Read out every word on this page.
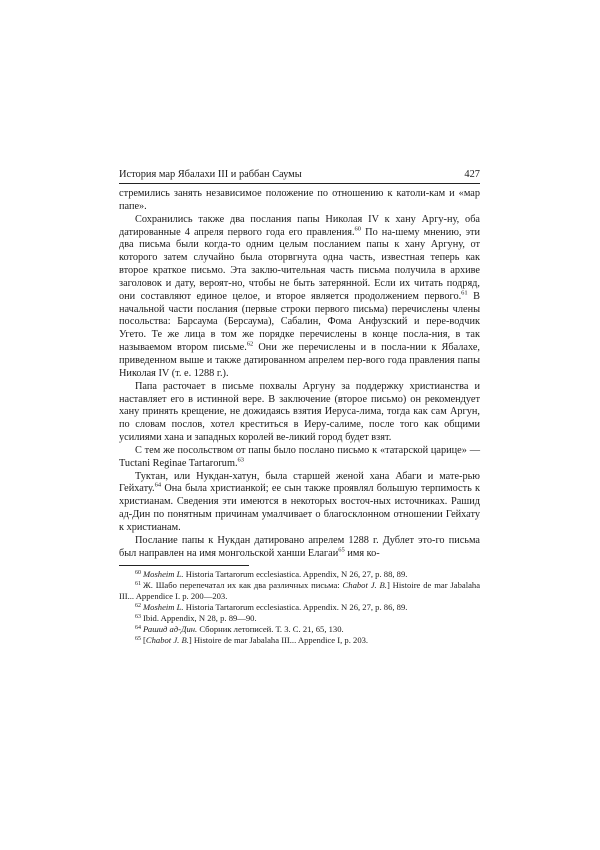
История мар Ябалахи III и раббан Саумы	427

стремились занять независимое положение по отношению к католи-кам и «мар папе».

Сохранились также два послания папы Николая IV к хану Аргу-ну, оба датированные 4 апреля первого года его правления.$^{60}$ По на-шему мнению, эти два письма были когда-то одним целым посланием папы к хану Аргуну, от которого затем случайно была оторвгнута одна часть, известная теперь как второе краткое письмо. Эта заклю-чительная часть письма получила в архиве заголовок и дату, вероят-но, чтобы не быть затерянной. Если их читать подряд, они составляют единое целое, и второе является продолжением первого.$^{61}$ В начальной части послания (первые строки первого письма) перечислены члены посольства: Барсаума (Берсаума), Сабалин, Фома Анфузский и пере-водчик Угето. Те же лица в том же порядке перечислены в конце посла-ния, в так называемом втором письме.$^{62}$ Они же перечислены и в посла-нии к Ябалахе, приведенном выше и также датированном апрелем пер-вого года правления папы Николая IV (т. е. 1288 г.).

Папа расточает в письме похвалы Аргуну за поддержку христианства и наставляет его в истинной вере. В заключение (второе письмо) он рекомендует хану принять крещение, не дожидаясь взятия Иеруса-лима, тогда как сам Аргун, по словам послов, хотел креститься в Иеру-салиме, после того как общими усилиями хана и западных королей ве-ликий город будет взят.

С тем же посольством от папы было послано письмо к «татарской царице» — Tuctani Reginae Tartarorum.$^{63}$

Туктан, или Нукдан-хатун, была старшей женой хана Абаги и мате-рью Гейхату.$^{64}$ Она была христианкой; ее сын также проявлял большую терпимость к христианам. Сведения эти имеются в некоторых восточ-ных источниках. Рашид ад-Дин по понятным причинам умалчивает о благосклонном отношении Гейхату к христианам.

Послание папы к Нукдан датировано апрелем 1288 г. Дублет это-го письма был направлен на имя монгольской ханши Елагаи$^{65}$ имя ко-

$^{60}$ Mosheim L. Historia Tartarorum ecclesiastica. Appendix, N 26, 27, p. 88, 89.

$^{61}$ Ж. Шабо перепечатал их как два различных письма: Chabot J. B.] Histoire de mar Jabalaha III... Appendice I. p. 200—203.

$^{62}$ Mosheim L. Historia Tartarorum ecclesiastica. Appendix. N 26, 27, p. 86, 89.

$^{63}$ Ibid. Appendix, N 28, p. 89—90.

$^{64}$ Рашид ад-Дин. Сборник летописей. Т. 3. С. 21, 65, 130.

$^{65}$ [Chabot J. B.] Histoire de mar Jabalaha III... Appendice I, p. 203.
